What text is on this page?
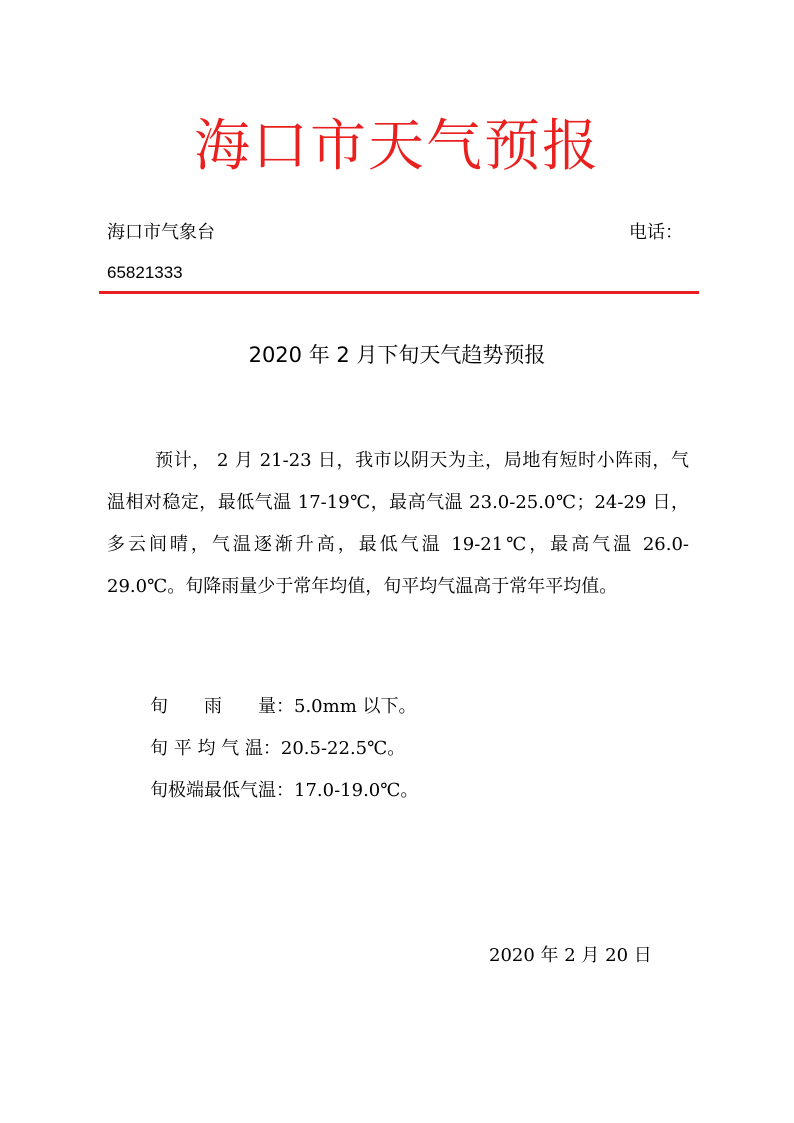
海口市天气预报
海口市气象台	电话：
65821333
2020 年 2 月下旬天气趋势预报
预计， 2 月 21-23 日，我市以阴天为主，局地有短时小阵雨，气温相对稳定，最低气温 17-19℃，最高气温 23.0-25.0℃；24-29 日，多云间晴，气温逐渐升高，最低气温 19-21℃，最高气温 26.0-29.0℃。旬降雨量少于常年均值，旬平均气温高于常年平均值。
旬　　雨　　量：5.0mm 以下。
旬 平 均 气 温：20.5-22.5℃。
旬极端最低气温：17.0-19.0℃。
2020 年 2 月 20 日
